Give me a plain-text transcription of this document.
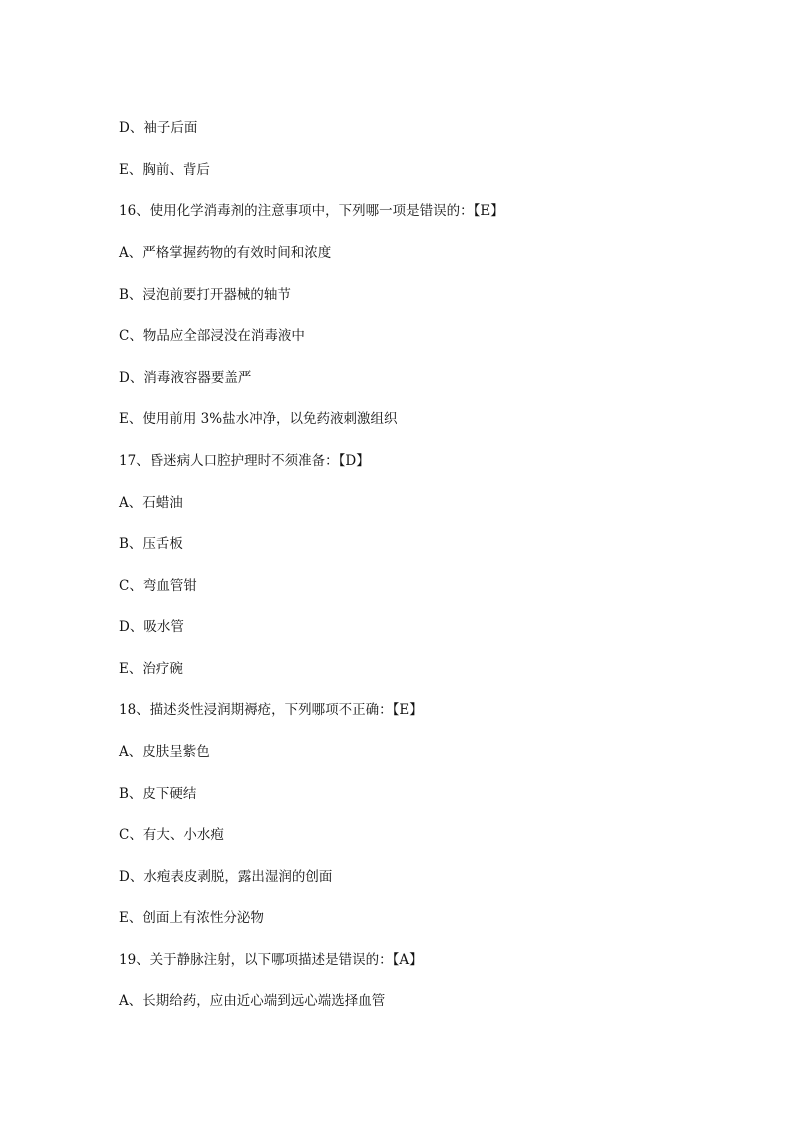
D、袖子后面
E、胸前、背后
16、使用化学消毒剂的注意事项中，下列哪一项是错误的：【E】
A、严格掌握药物的有效时间和浓度
B、浸泡前要打开器械的轴节
C、物品应全部浸没在消毒液中
D、消毒液容器要盖严
E、使用前用 3%盐水冲净，以免药液刺激组织
17、昏迷病人口腔护理时不须准备：【D】
A、石蜡油
B、压舌板
C、弯血管钳
D、吸水管
E、治疗碗
18、描述炎性浸润期褥疮，下列哪项不正确：【E】
A、皮肤呈紫色
B、皮下硬结
C、有大、小水疱
D、水疱表皮剥脱，露出湿润的创面
E、创面上有浓性分泌物
19、关于静脉注射，以下哪项描述是错误的：【A】
A、长期给药，应由近心端到远心端选择血管
